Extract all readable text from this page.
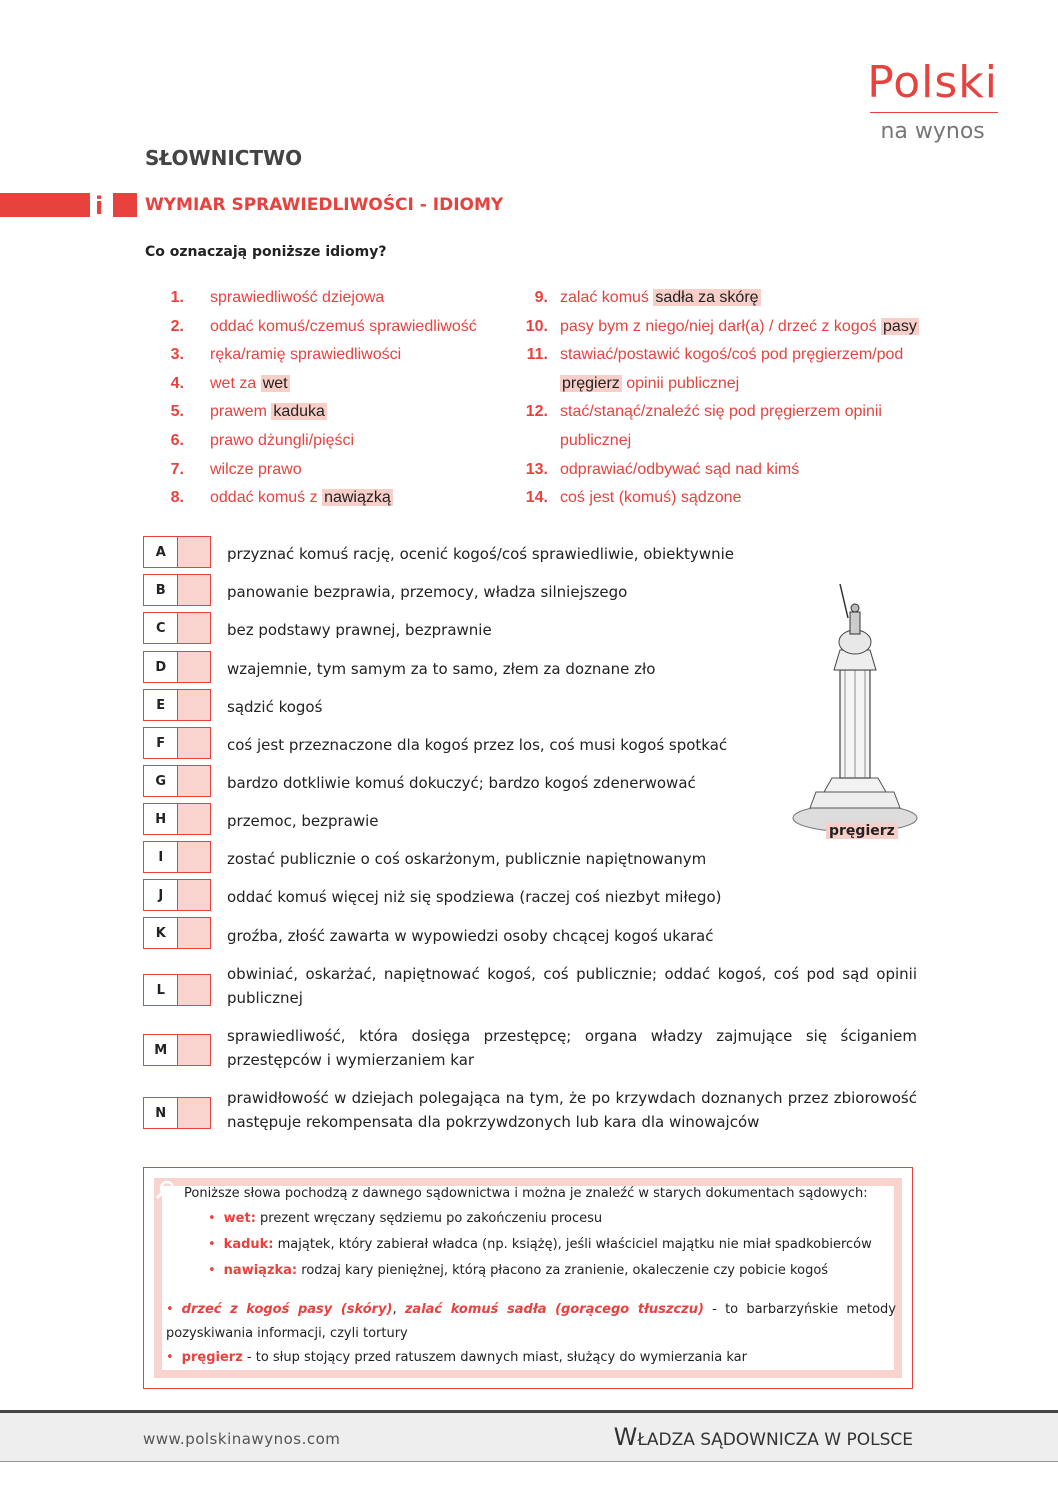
Polski
na wynos
SŁOWNICTWO
i WYMIAR SPRAWIEDLIWOŚCI - IDIOMY
Co oznaczają poniższe idiomy?
1. sprawiedliwość dziejowa
2. oddać komuś/czemuś sprawiedliwość
3. ręka/ramię sprawiedliwości
4. wet za wet
5. prawem kaduka
6. prawo dżungli/pięści
7. wilcze prawo
8. oddać komuś z nawiązką
9. zalać komuś sadła za skórę
10. pasy bym z niego/niej darł(a) / drzeć z kogoś pasy
11. stawiać/postawić kogoś/coś pod pręgierzem/pod
pręgierz opinii publicznej
12. stać/stanąć/znaleźć się pod pręgierzem opinii
publicznej
13. odprawiać/odbywać sąd nad kimś
14. coś jest (komuś) sądzone
A	przyznać komuś rację, ocenić kogoś/coś sprawiedliwie, obiektywnie
B	panowanie bezprawia, przemocy, władza silniejszego
C	bez podstawy prawnej, bezprawnie
D	wzajemnie, tym samym za to samo, złem za doznane zło
E	sądzić kogoś
F	coś jest przeznaczone dla kogoś przez los, coś musi kogoś spotkać
G	bardzo dotkliwie komuś dokuczyć; bardzo kogoś zdenerwować
H	przemoc, bezprawie
I	zostać publicznie o coś oskarżonym, publicznie napiętnowanym
J	oddać komuś więcej niż się spodziewa (raczej coś niezbyt miłego)
K	groźba, złość zawarta w wypowiedzi osoby chcącej kogoś ukarać
L
obwiniać, oskarżać, napiętnować kogoś, coś publicznie; oddać kogoś, coś pod sąd opinii publicznej
M
sprawiedliwość, która dosięga przestępcę; organa władzy zajmujące się ściganiem przestępców i wymierzaniem kar
N
prawidłowość w dziejach polegająca na tym, że po krzywdach doznanych przez zbiorowość następuje rekompensata dla pokrzywdzonych lub kara dla winowajców
pręgierz
Poniższe słowa pochodzą z dawnego sądownictwa i można je znaleźć w starych dokumentach sądowych:
• wet: prezent wręczany sędziemu po zakończeniu procesu
• kaduk: majątek, który zabierał władca (np. książę), jeśli właściciel majątku nie miał spadkobierców
• nawiązka: rodzaj kary pieniężnej, którą płacono za zranienie, okaleczenie czy pobicie kogoś
• drzeć z kogoś pasy (skóry), zalać komuś sadła (gorącego tłuszczu) - to barbarzyńskie metody pozyskiwania informacji, czyli tortury
• pręgierz - to słup stojący przed ratuszem dawnych miast, służący do wymierzania kar
www.polskinawynos.com	WŁADZA SĄDOWNICZA W POLSCE
